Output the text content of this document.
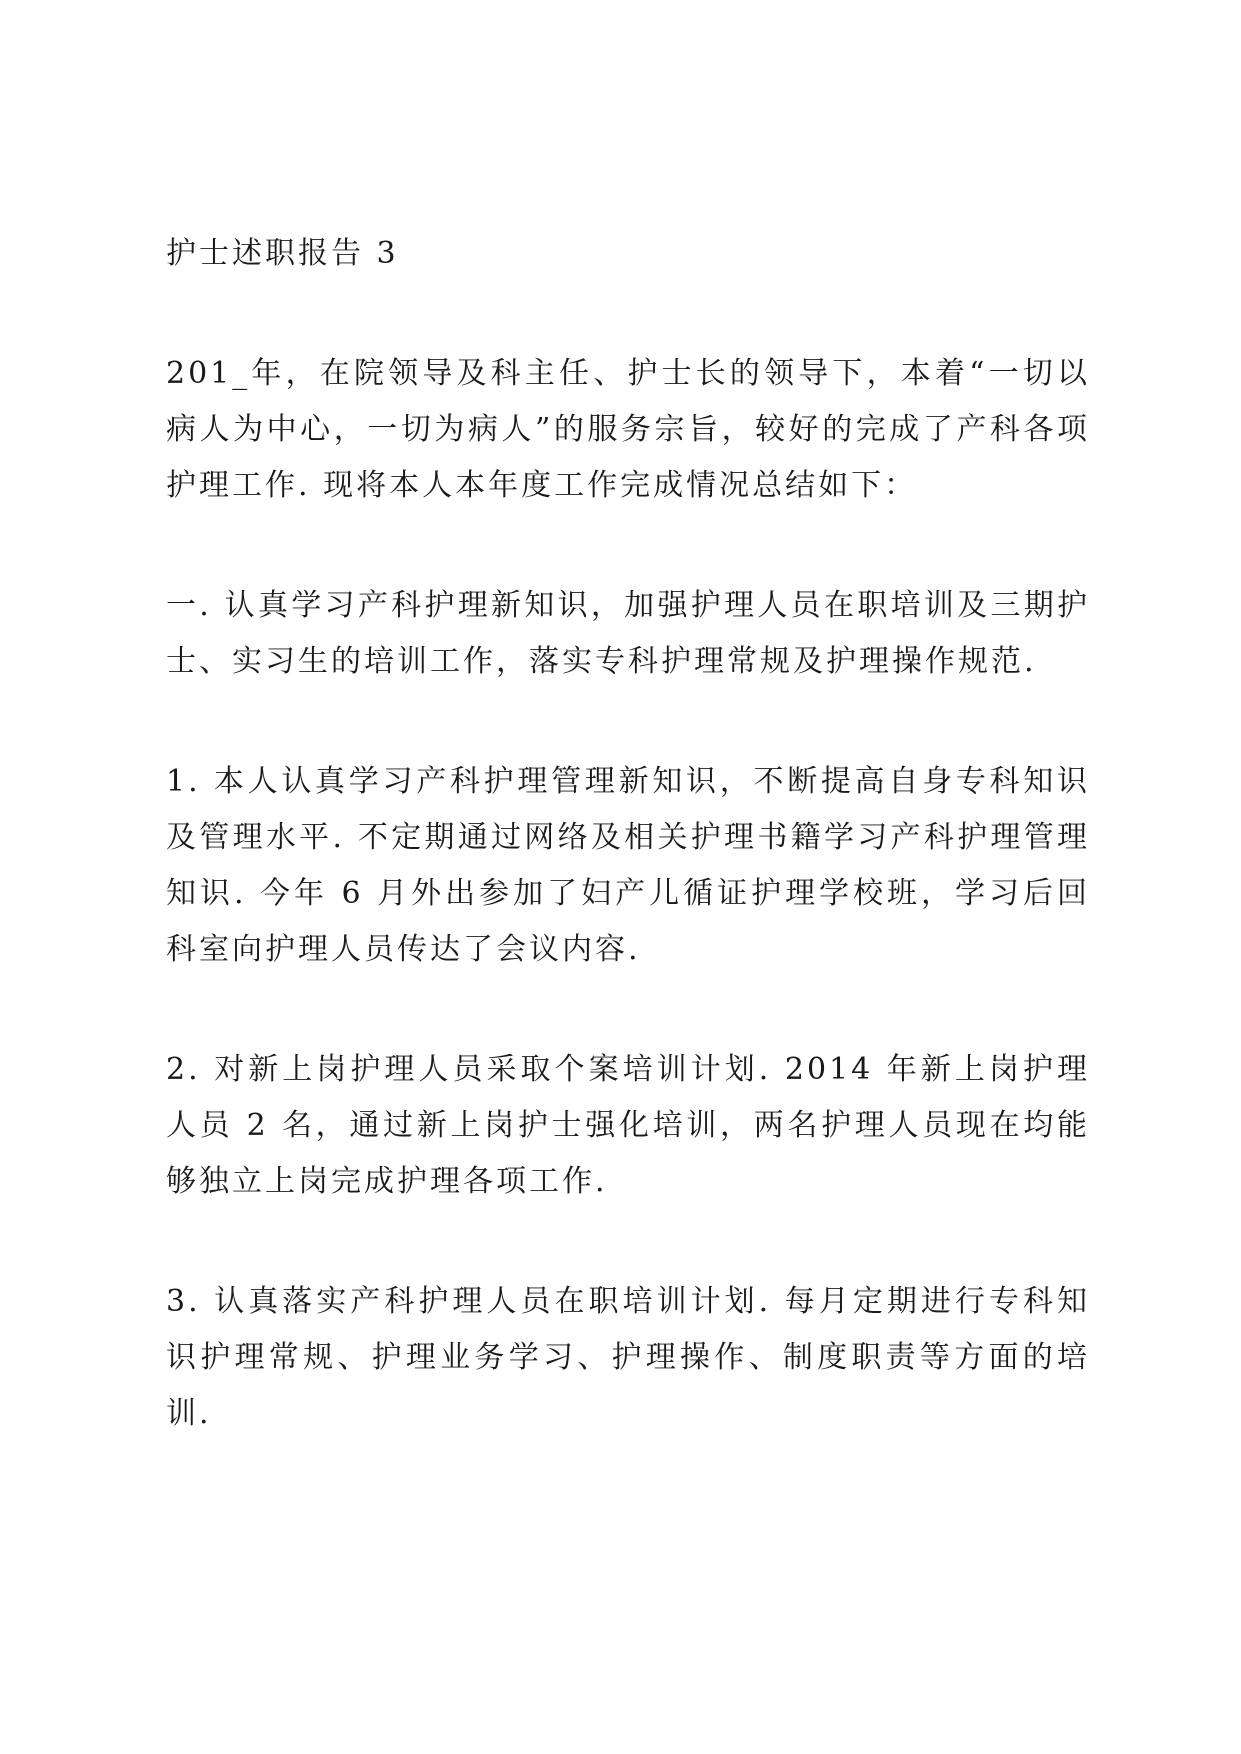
护士述职报告 3

201_年，在院领导及科主任、护士长的领导下，本着“一切以病人为中心，一切为病人”的服务宗旨，较好的完成了产科各项护理工作. 现将本人本年度工作完成情况总结如下：

一. 认真学习产科护理新知识，加强护理人员在职培训及三期护士、实习生的培训工作，落实专科护理常规及护理操作规范.

1. 本人认真学习产科护理管理新知识，不断提高自身专科知识及管理水平. 不定期通过网络及相关护理书籍学习产科护理管理知识. 今年 6 月外出参加了妇产儿循证护理学校班，学习后回科室向护理人员传达了会议内容.

2. 对新上岗护理人员采取个案培训计划. 2014 年新上岗护理人员 2 名，通过新上岗护士强化培训，两名护理人员现在均能够独立上岗完成护理各项工作.

3. 认真落实产科护理人员在职培训计划. 每月定期进行专科知识护理常规、护理业务学习、护理操作、制度职责等方面的培训.
